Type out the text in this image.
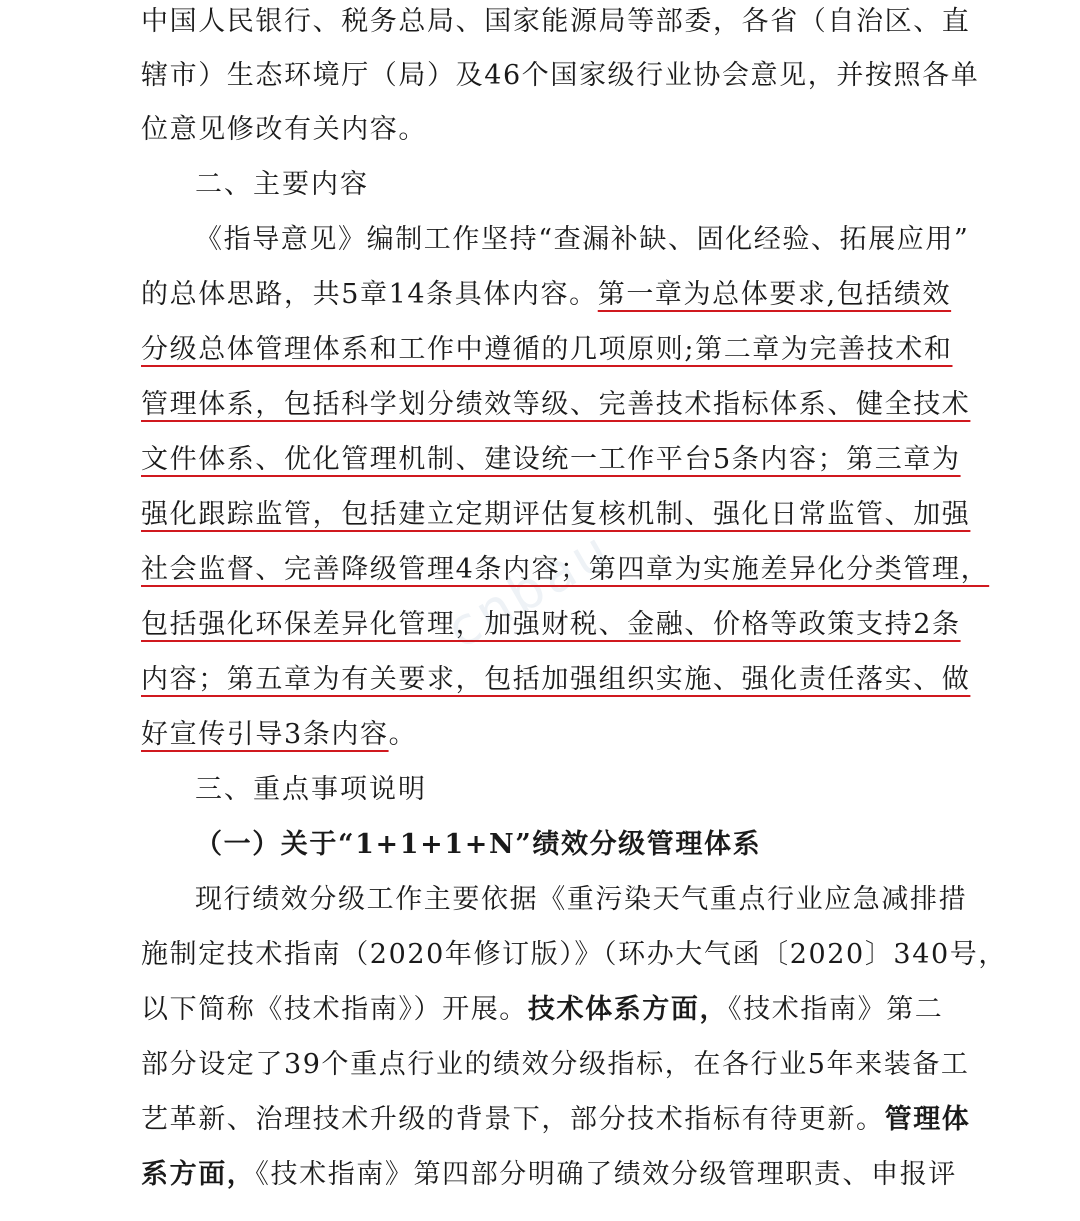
cnbau
中国人民银行、税务总局、国家能源局等部委，各省（自治区、直
辖市）生态环境厅（局）及46个国家级行业协会意见，并按照各单
位意见修改有关内容。
二、主要内容
《指导意见》编制工作坚持“查漏补缺、固化经验、拓展应用”
的总体思路，共5章14条具体内容。第一章为总体要求,包括绩效
分级总体管理体系和工作中遵循的几项原则;第二章为完善技术和
管理体系，包括科学划分绩效等级、完善技术指标体系、健全技术
文件体系、优化管理机制、建设统一工作平台5条内容；第三章为
强化跟踪监管，包括建立定期评估复核机制、强化日常监管、加强
社会监督、完善降级管理4条内容；第四章为实施差异化分类管理，
包括强化环保差异化管理，加强财税、金融、价格等政策支持2条
内容；第五章为有关要求，包括加强组织实施、强化责任落实、做
好宣传引导3条内容。
三、重点事项说明
（一）关于“1+1+1+N”绩效分级管理体系
现行绩效分级工作主要依据《重污染天气重点行业应急减排措
施制定技术指南（2020年修订版）》（环办大气函〔2020〕340号，
以下简称《技术指南》）开展。技术体系方面，《技术指南》第二
部分设定了39个重点行业的绩效分级指标，在各行业5年来装备工
艺革新、治理技术升级的背景下，部分技术指标有待更新。管理体
系方面，《技术指南》第四部分明确了绩效分级管理职责、申报评
